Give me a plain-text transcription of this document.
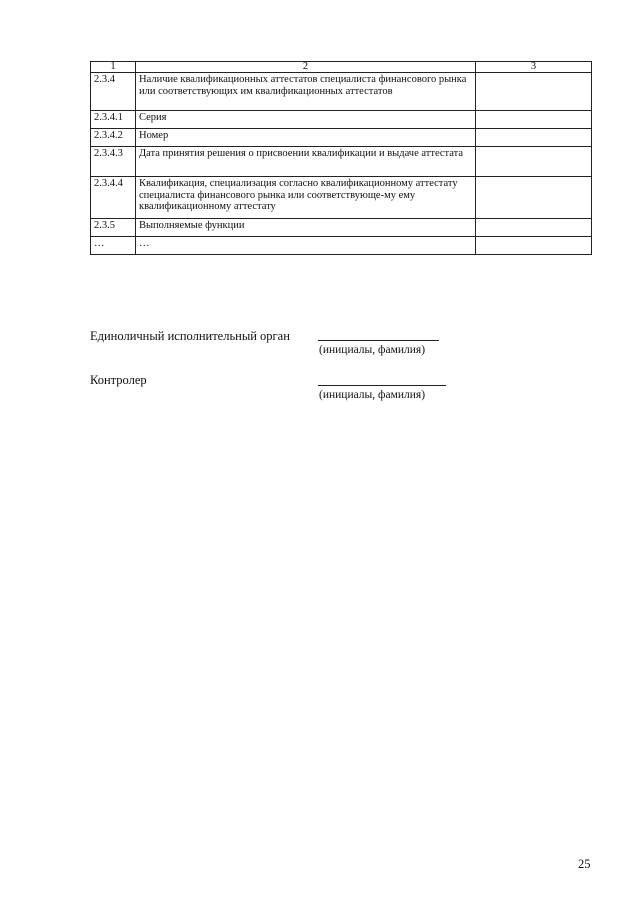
1	2	3
2.3.4	Наличие квалификационных аттестатов специалиста финансового рынка или соответствующих им квалификационных аттестатов	
2.3.4.1	Серия	
2.3.4.2	Номер	
2.3.4.3	Дата принятия решения о присвоении квалификации и выдаче аттестата	
2.3.4.4	Квалификация, специализация согласно квалификационному аттестату специалиста финансового рынка или соответствующе-му ему квалификационному аттестату	
2.3.5	Выполняемые функции	
…	…	
Единоличный исполнительный орган
(инициалы, фамилия)
Контролер
(инициалы, фамилия)
25
